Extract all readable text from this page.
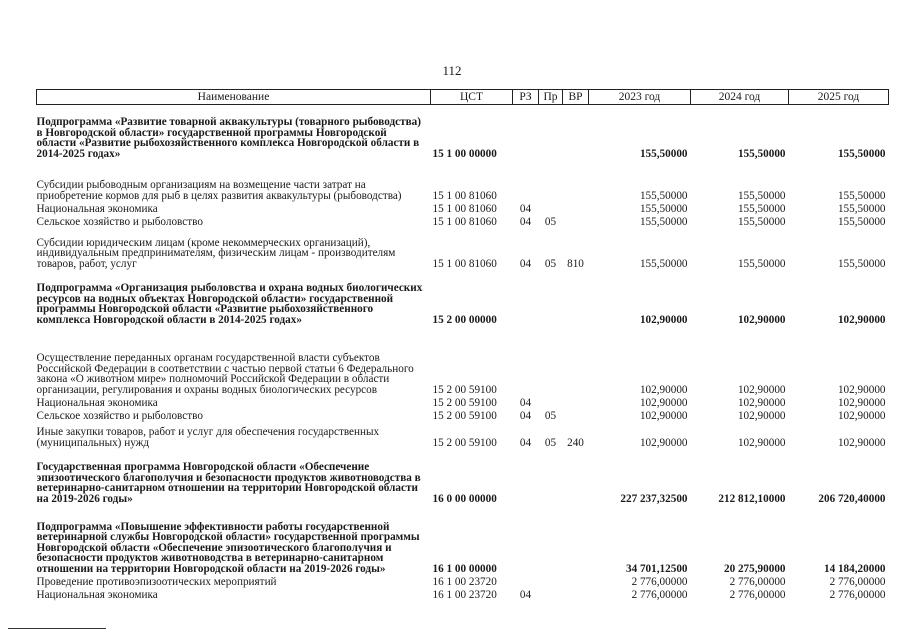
112
Наименование	ЦСТ	РЗ	Пр	ВР	2023 год	2024 год	2025 год
Подпрограмма «Развитие товарной аквакультуры (товарного рыбоводства) в Новгородской области» государственной программы Новгородской области «Развитие рыбохозяйственного комплекса Новгородской области в 2014-2025 годах»	15 1 00 00000				155,50000	155,50000	155,50000
Субсидии рыбоводным организациям на возмещение части затрат на приобретение кормов для рыб в целях развития аквакультуры (рыбоводства)	15 1 00 81060				155,50000	155,50000	155,50000
Национальная экономика	15 1 00 81060	04			155,50000	155,50000	155,50000
Сельское хозяйство и рыболовство	15 1 00 81060	04	05		155,50000	155,50000	155,50000
Субсидии юридическим лицам (кроме некоммерческих организаций), индивидуальным предпринимателям, физическим лицам - производителям товаров, работ, услуг	15 1 00 81060	04	05	810	155,50000	155,50000	155,50000
Подпрограмма «Организация рыболовства и охрана водных биологических ресурсов на водных объектах Новгородской области» государственной программы Новгородской области «Развитие рыбохозяйственного комплекса Новгородской области в 2014-2025 годах»	15 2 00 00000				102,90000	102,90000	102,90000
Осуществление переданных органам государственной власти субъектов Российской Федерации в соответствии с частью первой статьи 6 Федерального закона «О животном мире» полномочий Российской Федерации в области организации, регулирования и охраны водных биологических ресурсов	15 2 00 59100				102,90000	102,90000	102,90000
Национальная экономика	15 2 00 59100	04			102,90000	102,90000	102,90000
Сельское хозяйство и рыболовство	15 2 00 59100	04	05		102,90000	102,90000	102,90000
Иные закупки товаров, работ и услуг для обеспечения государственных (муниципальных) нужд	15 2 00 59100	04	05	240	102,90000	102,90000	102,90000
Государственная программа Новгородской области «Обеспечение эпизоотического благополучия и безопасности продуктов животноводства в ветеринарно-санитарном отношении на территории Новгородской области на 2019-2026 годы»	16 0 00 00000				227 237,32500	212 812,10000	206 720,40000
Подпрограмма «Повышение эффективности работы государственной ветеринарной службы Новгородской области» государственной программы Новгородской области «Обеспечение эпизоотического благополучия и безопасности продуктов животноводства в ветеринарно-санитарном отношении на территории Новгородской области на 2019-2026 годы»	16 1 00 00000				34 701,12500	20 275,90000	14 184,20000
Проведение противоэпизоотических мероприятий	16 1 00 23720				2 776,00000	2 776,00000	2 776,00000
Национальная экономика	16 1 00 23720	04			2 776,00000	2 776,00000	2 776,00000
